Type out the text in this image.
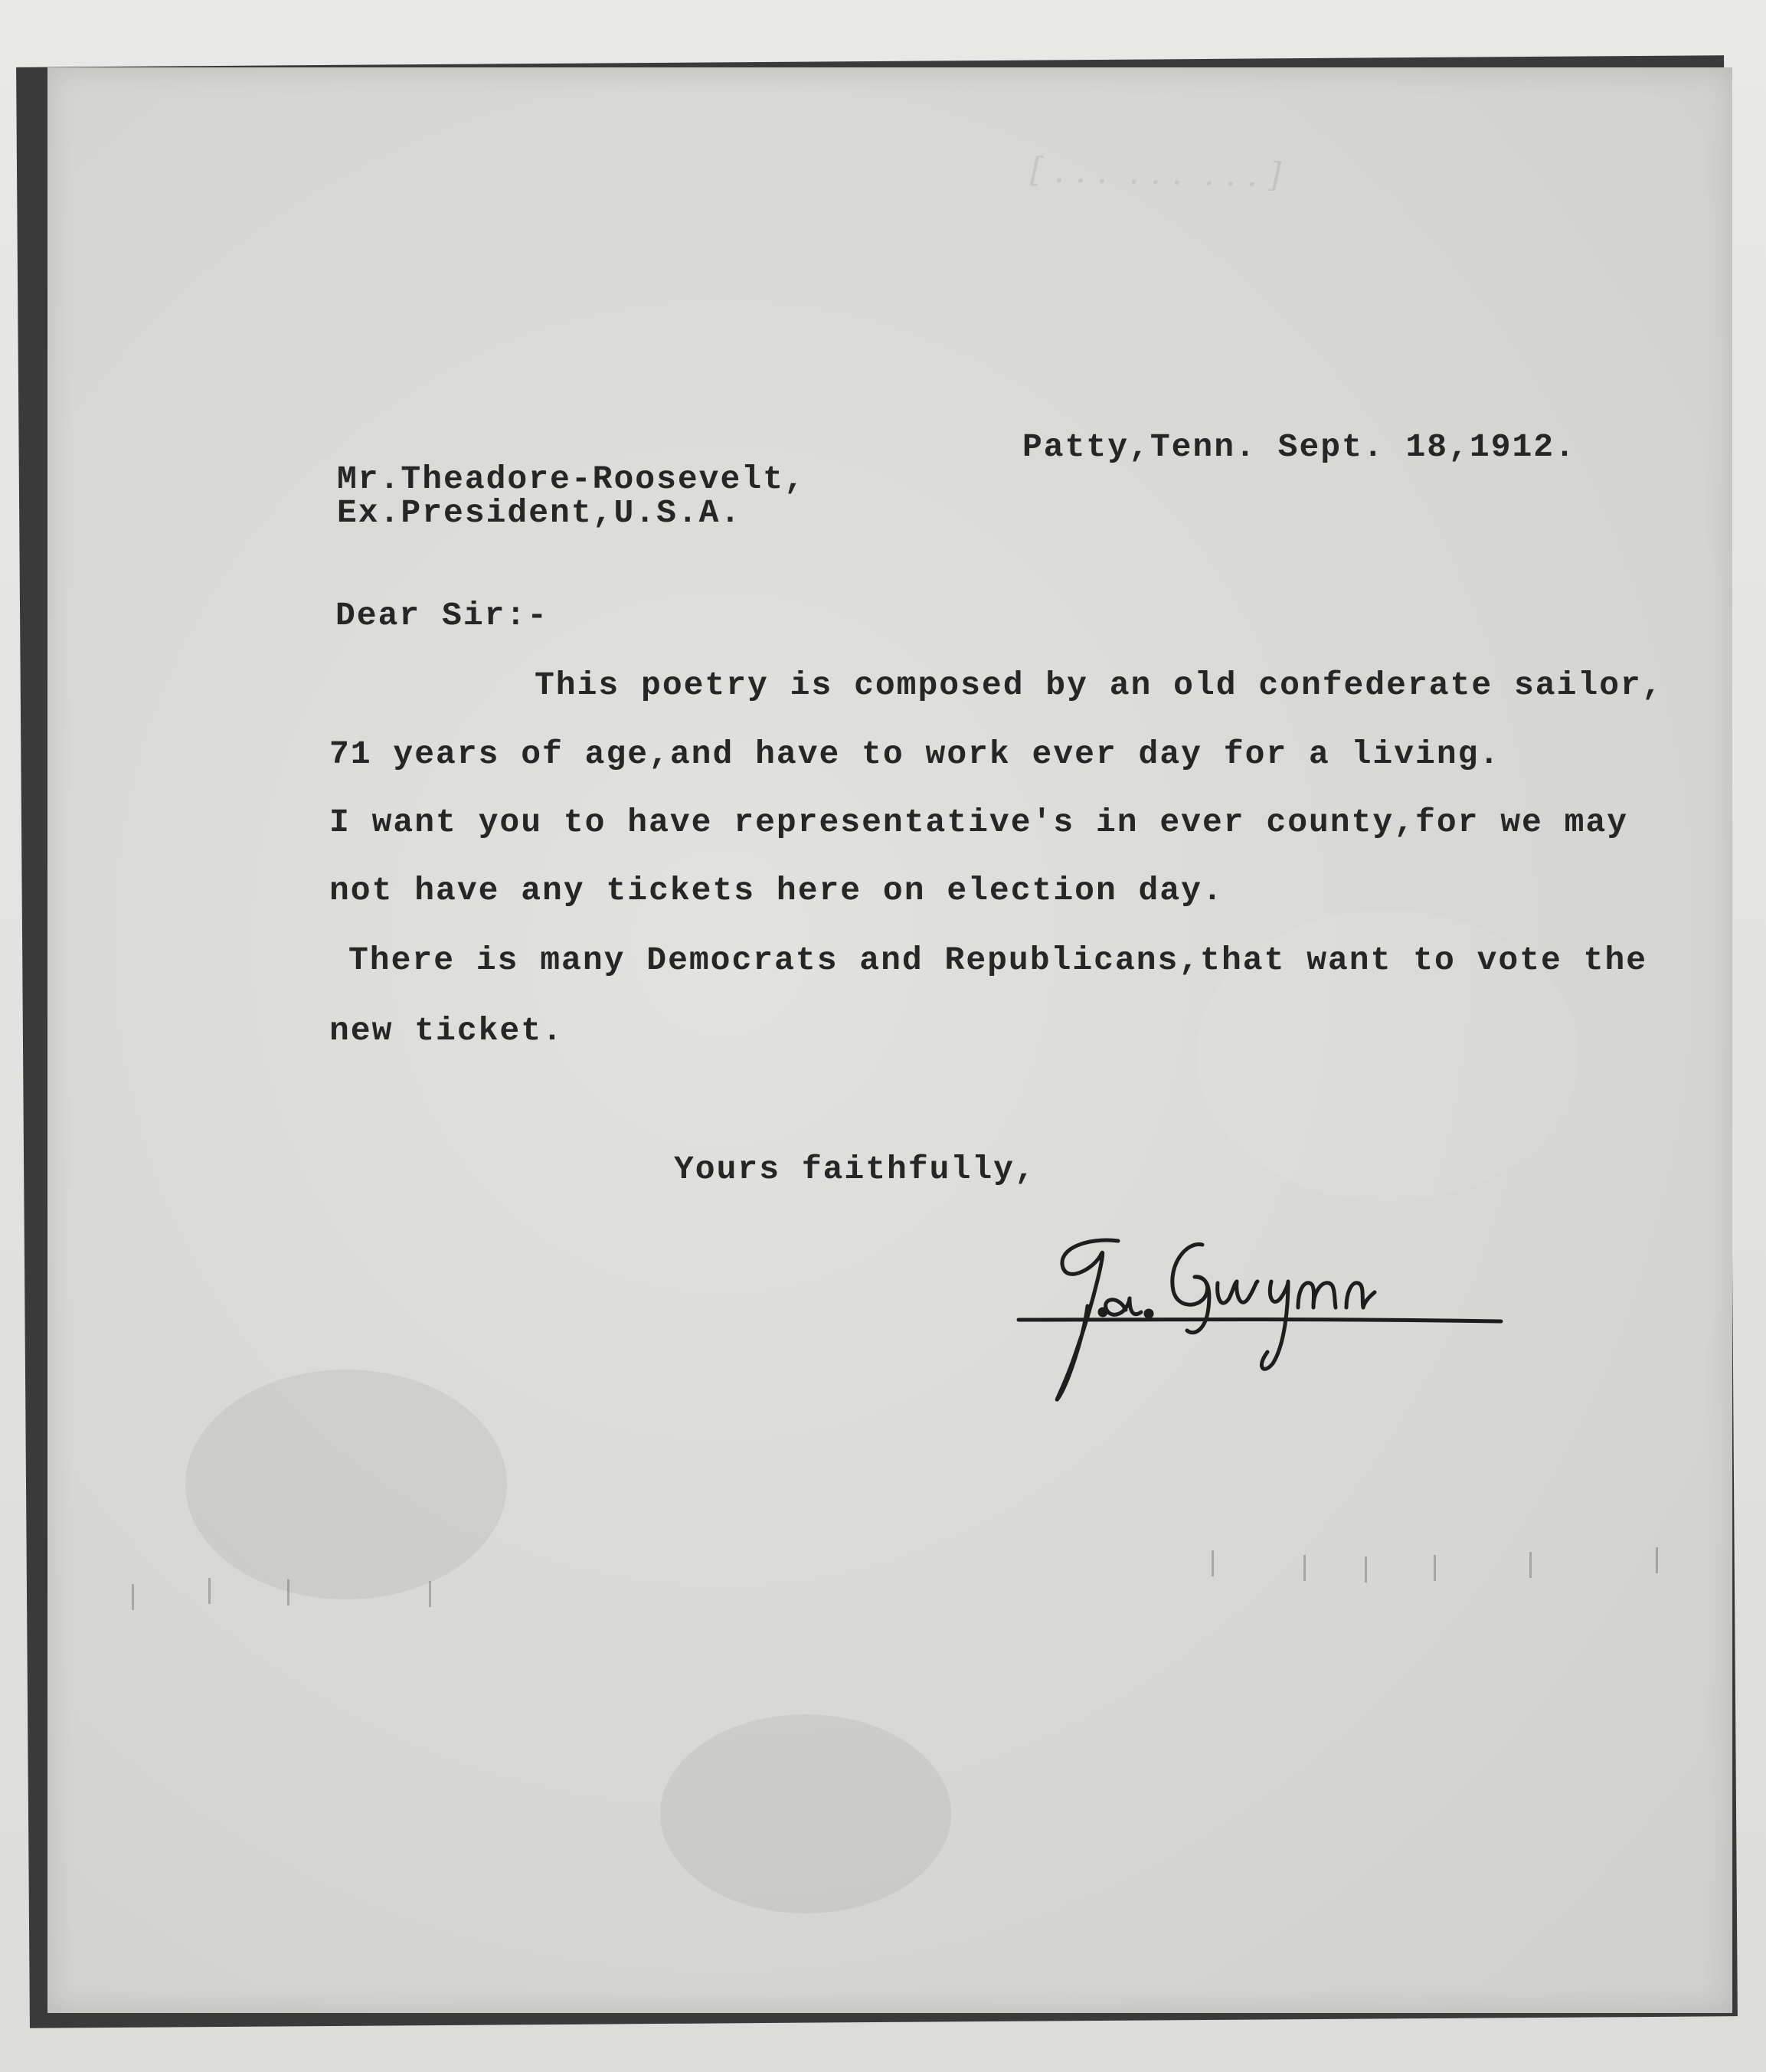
[ . . .  . . .  . . . ]
Patty,Tenn. Sept. 18,1912.
Mr.Theadore-Roosevelt,
Ex.President,U.S.A.
Dear Sir:-
This poetry is composed by an old confederate sailor,
71 years of age,and have to work ever day for a living.
I want you to have representative's in ever county,for we may
not have any tickets here on election day.
There is many Democrats and Republicans,that want to vote the
new ticket.
Yours faithfully,
